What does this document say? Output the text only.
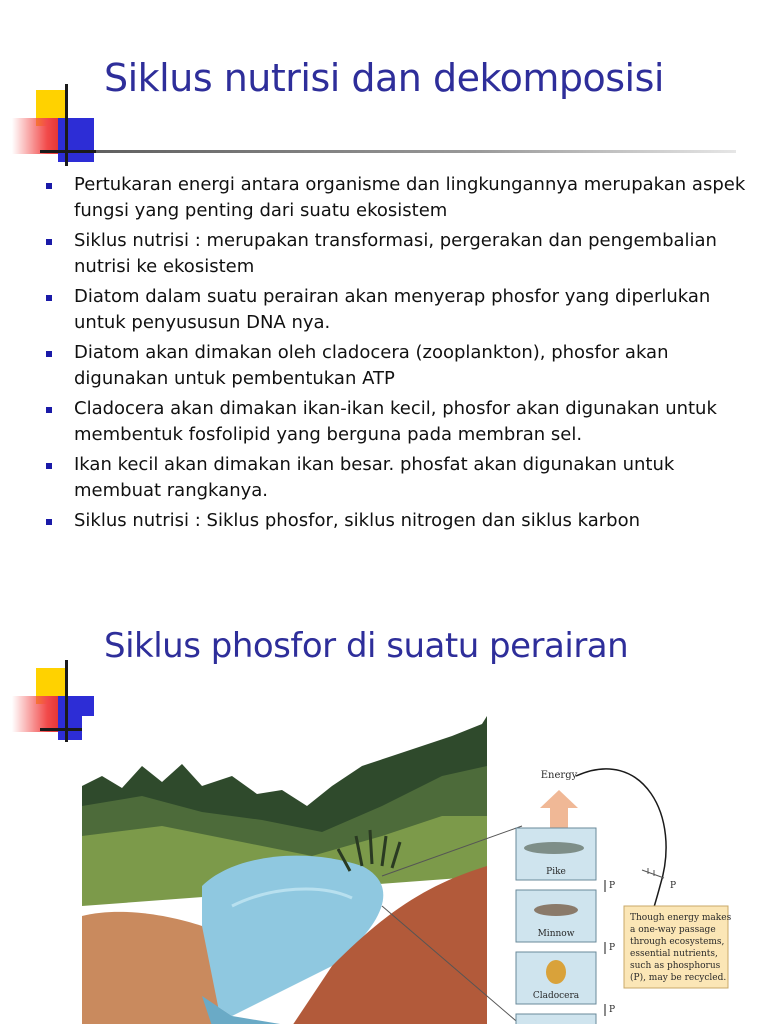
Siklus nutrisi dan dekomposisi
Pertukaran energi antara organisme dan lingkungannya merupakan aspek fungsi yang penting dari suatu ekosistem
Siklus nutrisi : merupakan transformasi, pergerakan dan pengembalian nutrisi ke ekosistem
Diatom dalam suatu perairan akan menyerap phosfor yang diperlukan untuk penyususun DNA nya.
Diatom akan dimakan oleh cladocera (zooplankton), phosfor akan digunakan untuk pembentukan ATP
Cladocera akan dimakan ikan-ikan kecil, phosfor akan digunakan untuk membentuk fosfolipid yang berguna pada membran sel.
Ikan kecil akan dimakan ikan besar. phosfat akan digunakan untuk membuat rangkanya.
Siklus nutrisi : Siklus phosfor, siklus nitrogen dan siklus karbon
Siklus phosfor di suatu perairan
Energy
Pike
Minnow
Cladocera
P
P
P
P
Though energy makes a one-way passage through ecosystems, essential nutrients, such as phosphorus (P), may be recycled.
